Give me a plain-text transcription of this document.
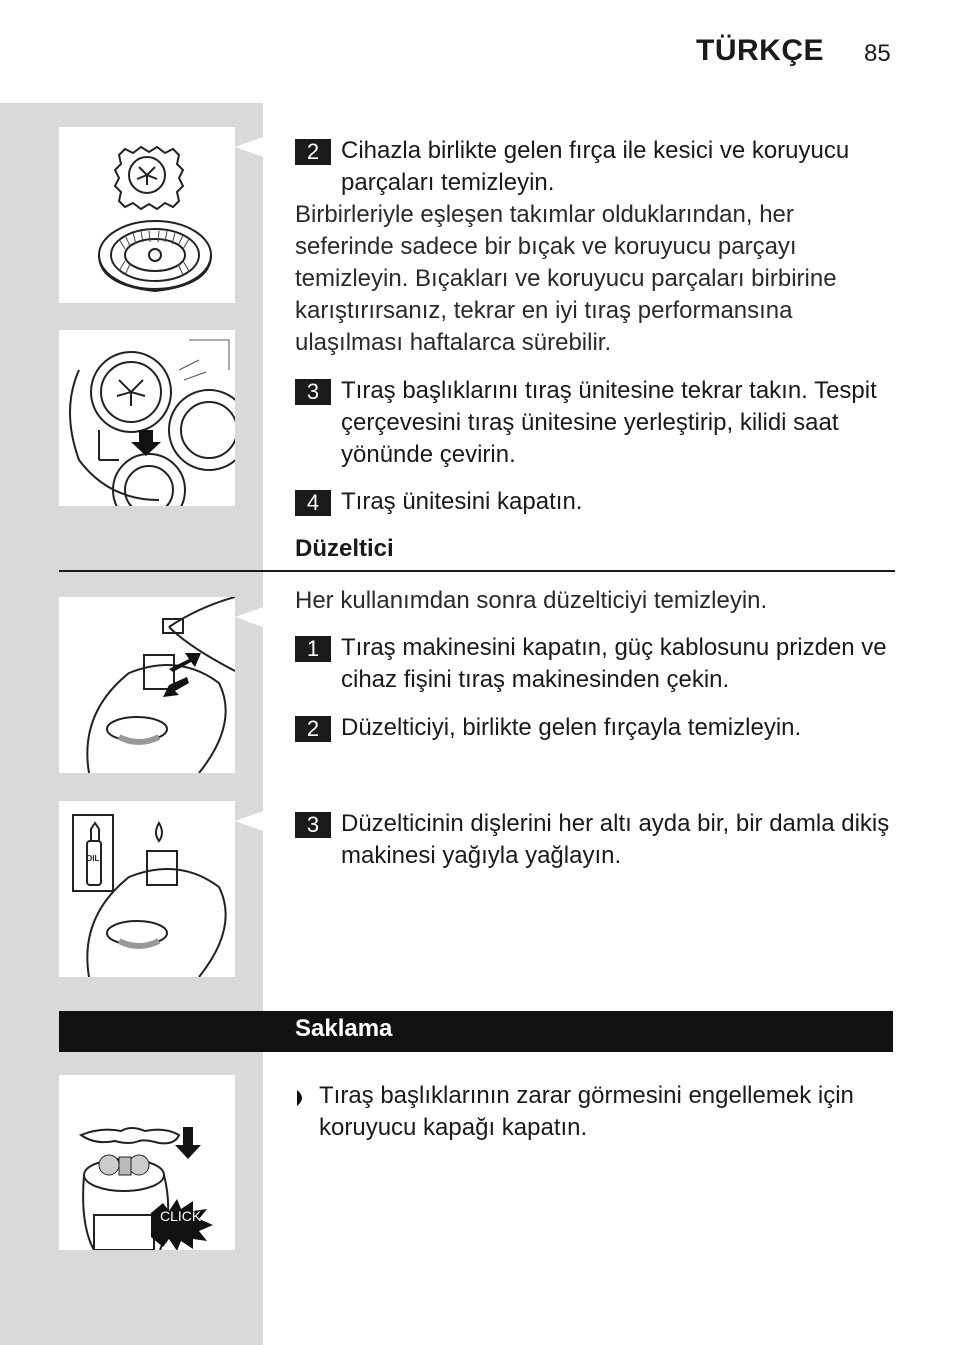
TÜRKÇE 85
2 Cihazla birlikte gelen fırça ile kesici ve koruyucu parçaları temizleyin.
Birbirleriyle eşleşen takımlar olduklarından, her seferinde sadece bir bıçak ve koruyucu parçayı temizleyin. Bıçakları ve koruyucu parçaları birbirine karıştırırsanız, tekrar en iyi tıraş performansına ulaşılması haftalarca sürebilir.
3 Tıraş başlıklarını tıraş ünitesine tekrar takın. Tespit çerçevesini tıraş ünitesine yerleştirip, kilidi saat yönünde çevirin.
4 Tıraş ünitesini kapatın.
Düzeltici
Her kullanımdan sonra düzelticiyi temizleyin.
1 Tıraş makinesini kapatın, güç kablosunu prizden ve cihaz fişini tıraş makinesinden çekin.
2 Düzelticiyi, birlikte gelen fırçayla temizleyin.
OIL
3 Düzelticinin dişlerini her altı ayda bir, bir damla dikiş makinesi yağıyla yağlayın.
Saklama
CLICK
Tıraş başlıklarının zarar görmesini engellemek için koruyucu kapağı kapatın.
